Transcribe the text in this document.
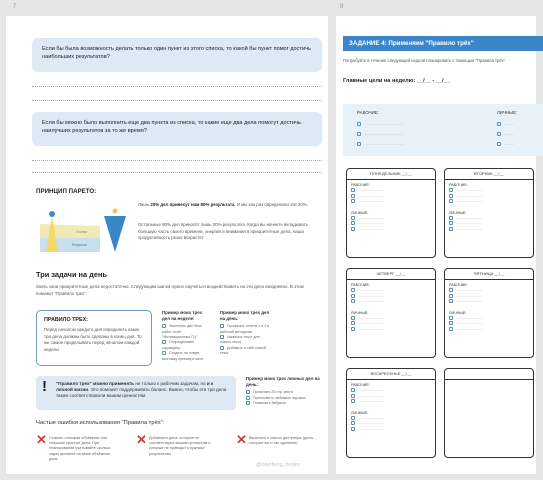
7
Если бы была возможность делать только один пункт из этого списка, то какой бы пункт помог достичь наибольших результатов?
Если бы можно было выполнить еще два пункта из списка, то какие еще два дела помогут достичь наилучших результатов за то же время?
ПРИНЦИП ПАРЕТО:
Усилия
Результат
Лишь 20% дел принесут нам 80% результата. И мы как раз определили эти 20%.
Остальные 80% дел приносят лишь 20% результата. Когда вы начнете вкладывать большую часть своего времени, энергии и внимания в приоритетные дела, наша продуктивность резко возрастет.
Три задачи на день
Знать свои приоритетные дела недостаточно. Следующим шагом нужно научиться воздействовать на эти дела ежедневно. В этом поможет "Правило трех".
ПРАВИЛО ТРЕХ:
Перед началом каждого дня определить какие три дела должны быть сделаны в конец дня. То же самое проделывать перед началом каждой недели
Пример моих трех дел на неделе:
Закончить две блок работ отчёт "Мотивационные ГЦ"
Отпраздновать годовщину
Сходить на новую выставку премьере кино
Пример моих трех дел на день:
Прописать отчеты 1 и 2 в рабочий методичке
Написать текст для нового теста
Добавить в сайт новый текст
Пример моих трех личных дел на день:
Прочитать 25 стр. книги
Приготовить любимые пирожки
Позвонить бабушке
! "Правило трех" можно применять не только к рабочим задачам, но и к личной жизни. Это поможет поддерживать баланс. Важно, чтобы эти три дела также соответствовали вашим ценностям.
Частые ошибки использования "Правила трёх":
✕ Ставить слишком объёмные или слишком простые дела. При планировании учитывайте сколько задач времени на ваше объёмные дела
✕ Добавлять дела, которые не соответствуют вашим ценностям и которые не приводят к нужным результатам
✕ Включать в список доступную (дела, которые вы и так сделаете)
@olanberg_books
8
ЗАДАНИЕ 4: Применяем "Правило трёх"
Попробуйте в течение следующей недели планировать с помощью "Правила трёх".
Главные цели на неделю: __/__ - __/__
РАБОЧИЕ:	ЛИЧНЫЕ:
........................................
........................................
........................................
..........
..........
..........
ПОНЕДЕЛЬНИК __/__
РАБОЧИЕ:
............................
............................
............................
ЛИЧНЫЕ:
............................
............................
............................
ВТОРНИК __/__
РАБОЧИЕ:
............................
............................
............................
ЛИЧНЫЕ:
............................
............................
............................
ЧЕТВЕРГ __/__
РАБОЧИЕ:
............................
............................
............................
ЛИЧНЫЕ:
............................
............................
............................
ПЯТНИЦА __/__
РАБОЧИЕ:
............................
............................
............................
ЛИЧНЫЕ:
............................
............................
............................
ВОСКРЕСЕНЬЕ __/__
РАБОЧИЕ:
............................
............................
............................
ЛИЧНЫЕ:
............................
............................
............................
